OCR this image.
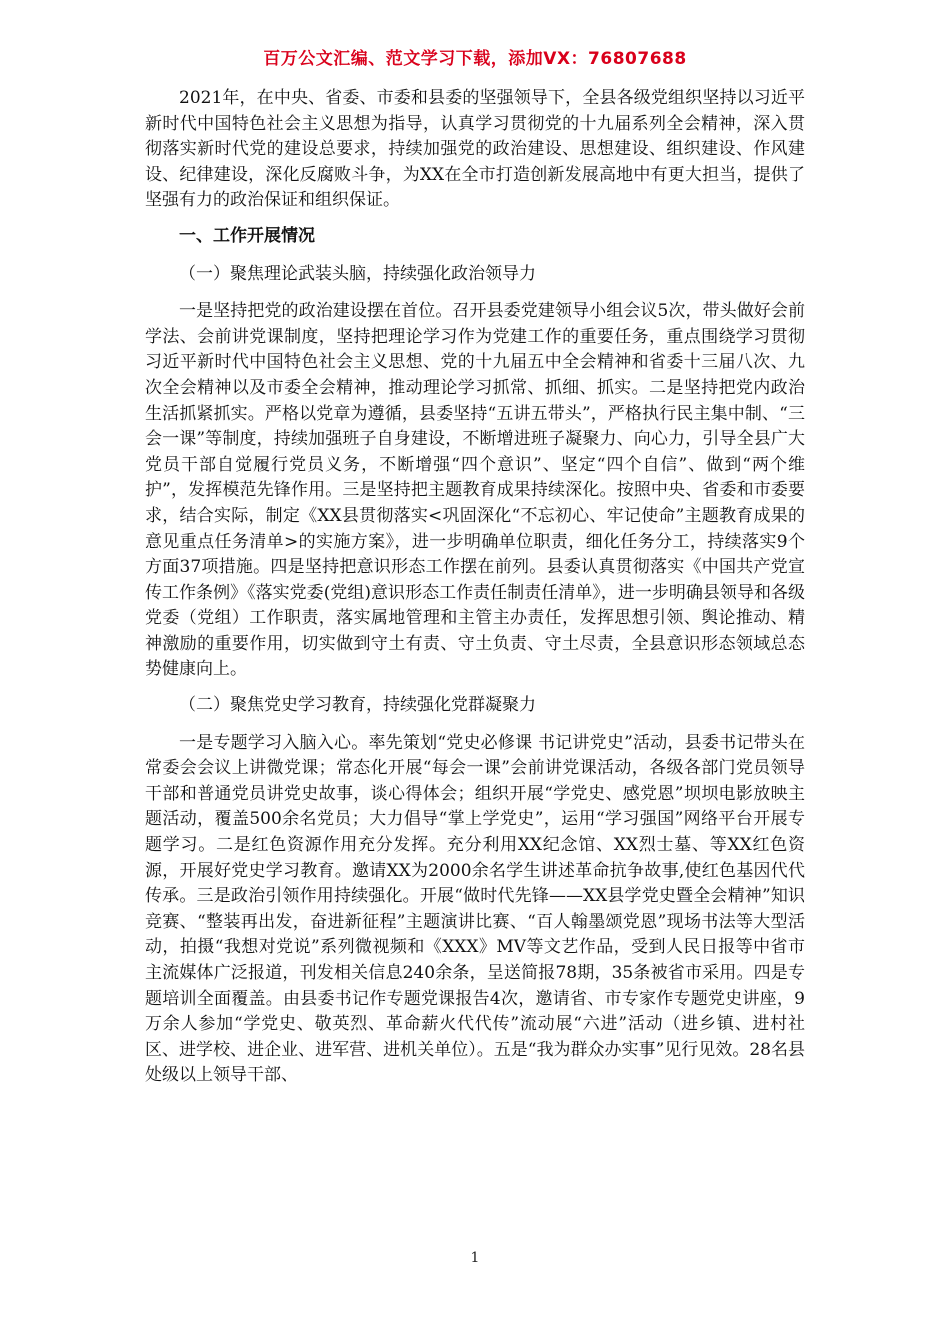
百万公文汇编、范文学习下载，添加VX：76807688

2021年，在中央、省委、市委和县委的坚强领导下，全县各级党组织坚持以习近平新时代中国特色社会主义思想为指导，认真学习贯彻党的十九届系列全会精神，深入贯彻落实新时代党的建设总要求，持续加强党的政治建设、思想建设、组织建设、作风建设、纪律建设，深化反腐败斗争，为XX在全市打造创新发展高地中有更大担当，提供了坚强有力的政治保证和组织保证。

一、工作开展情况

（一）聚焦理论武装头脑，持续强化政治领导力

一是坚持把党的政治建设摆在首位。召开县委党建领导小组会议5次，带头做好会前学法、会前讲党课制度，坚持把理论学习作为党建工作的重要任务，重点围绕学习贯彻习近平新时代中国特色社会主义思想、党的十九届五中全会精神和省委十三届八次、九次全会精神以及市委全会精神，推动理论学习抓常、抓细、抓实。二是坚持把党内政治生活抓紧抓实。严格以党章为遵循，县委坚持“五讲五带头”，严格执行民主集中制、“三会一课”等制度，持续加强班子自身建设，不断增进班子凝聚力、向心力，引导全县广大党员干部自觉履行党员义务，不断增强“四个意识”、坚定“四个自信”、做到“两个维护”，发挥模范先锋作用。三是坚持把主题教育成果持续深化。按照中央、省委和市委要求，结合实际，制定《XX县贯彻落实<巩固深化“不忘初心、牢记使命”主题教育成果的意见重点任务清单>的实施方案》，进一步明确单位职责，细化任务分工，持续落实9个方面37项措施。四是坚持把意识形态工作摆在前列。县委认真贯彻落实《中国共产党宣传工作条例》《落实党委(党组)意识形态工作责任制责任清单》，进一步明确县领导和各级党委（党组）工作职责，落实属地管理和主管主办责任，发挥思想引领、舆论推动、精神激励的重要作用，切实做到守土有责、守土负责、守土尽责，全县意识形态领域总态势健康向上。

（二）聚焦党史学习教育，持续强化党群凝聚力

一是专题学习入脑入心。率先策划“党史必修课 书记讲党史”活动，县委书记带头在常委会会议上讲微党课；常态化开展“每会一课”会前讲党课活动，各级各部门党员领导干部和普通党员讲党史故事，谈心得体会；组织开展“学党史、感党恩”坝坝电影放映主题活动，覆盖500余名党员；大力倡导“掌上学党史”，运用“学习强国”网络平台开展专题学习。二是红色资源作用充分发挥。充分利用XX纪念馆、XX烈士墓、等XX红色资源，开展好党史学习教育。邀请XX为2000余名学生讲述革命抗争故事,使红色基因代代传承。三是政治引领作用持续强化。开展“做时代先锋——XX县学党史暨全会精神”知识竞赛、“整装再出发，奋进新征程”主题演讲比赛、“百人翰墨颂党恩”现场书法等大型活动，拍摄“我想对党说”系列微视频和《XXX》MV等文艺作品，受到人民日报等中省市主流媒体广泛报道，刊发相关信息240余条，呈送简报78期，35条被省市采用。四是专题培训全面覆盖。由县委书记作专题党课报告4次，邀请省、市专家作专题党史讲座，9万余人参加“学党史、敬英烈、革命薪火代代传”流动展“六进”活动（进乡镇、进村社区、进学校、进企业、进军营、进机关单位）。五是“我为群众办实事”见行见效。28名县处级以上领导干部、

1
